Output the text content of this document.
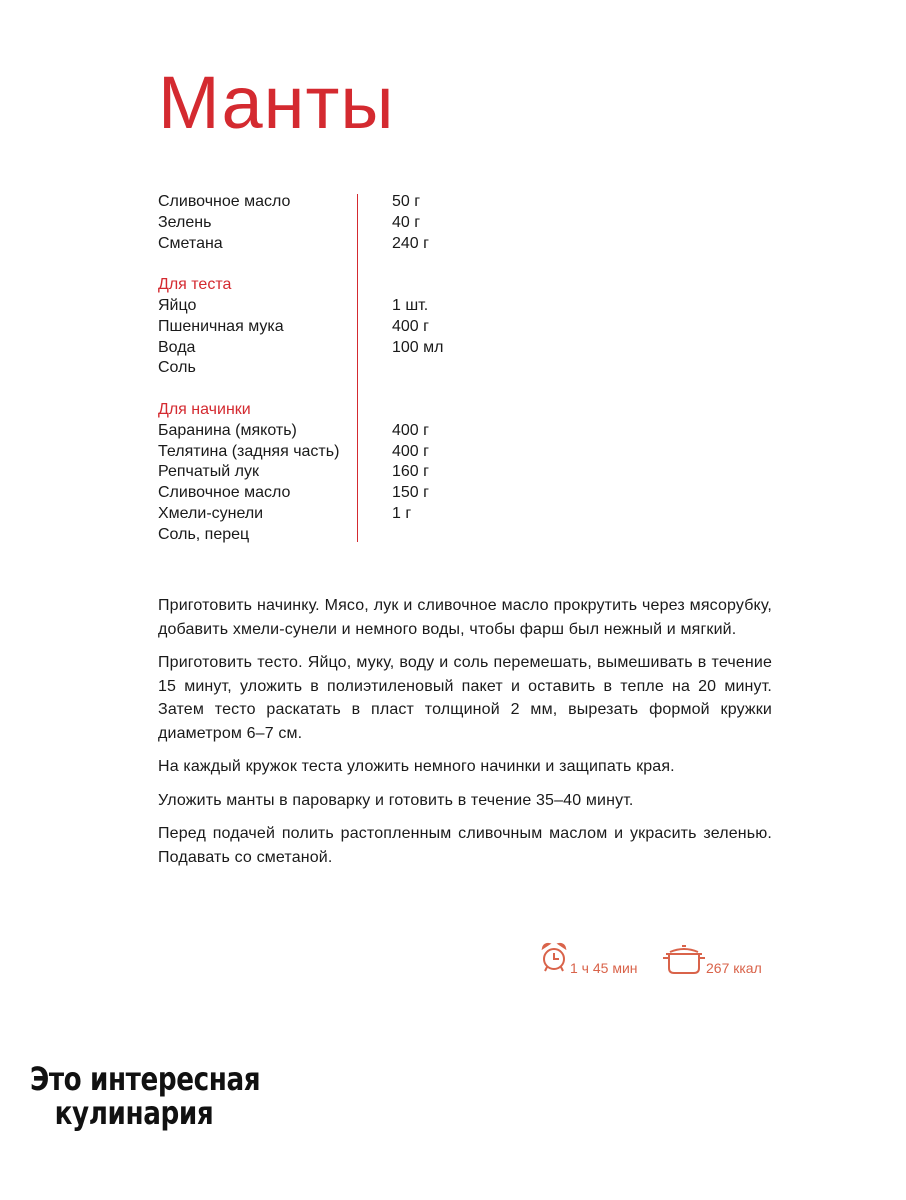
Манты
Сливочное масло	50 г
Зелень	40 г
Сметана	240 г
Для теста
Яйцо	1 шт.
Пшеничная мука	400 г
Вода	100 мл
Соль
Для начинки
Баранина (мякоть)	400 г
Телятина (задняя часть)	400 г
Репчатый лук	160 г
Сливочное масло	150 г
Хмели-сунели	1 г
Соль, перец

Приготовить начинку. Мясо, лук и сливочное масло прокрутить через мясорубку, добавить хмели-сунели и немного воды, чтобы фарш был нежный и мягкий.

Приготовить тесто. Яйцо, муку, воду и соль перемешать, вымешивать в течение 15 минут, уложить в полиэтиленовый пакет и оставить в тепле на 20 минут. Затем тесто раскатать в пласт толщиной 2 мм, вырезать формой кружки диаметром 6–7 см.

На каждый кружок теста уложить немного начинки и защипать края.

Уложить манты в пароварку и готовить в течение 35–40 минут.

Перед подачей полить растопленным сливочным маслом и украсить зеленью. Подавать со сметаной.

1 ч 45 мин	267 ккал
Это интересная
кулинария
